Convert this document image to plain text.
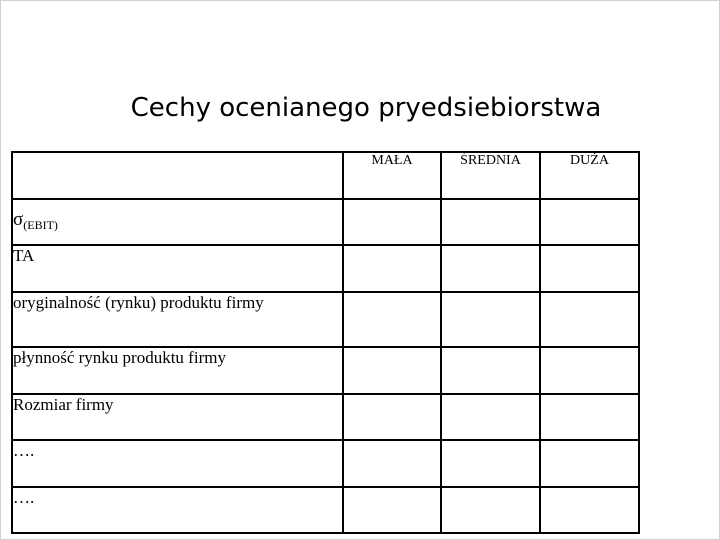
Cechy ocenianego pryedsiebiorstwa
	MAŁA	ŚREDNIA	DUŻA
$\sigma_{(EBIT)}$			
TA			
oryginalność (rynku) produktu firmy			
płynność rynku produktu firmy			
Rozmiar firmy			
….			
….			
